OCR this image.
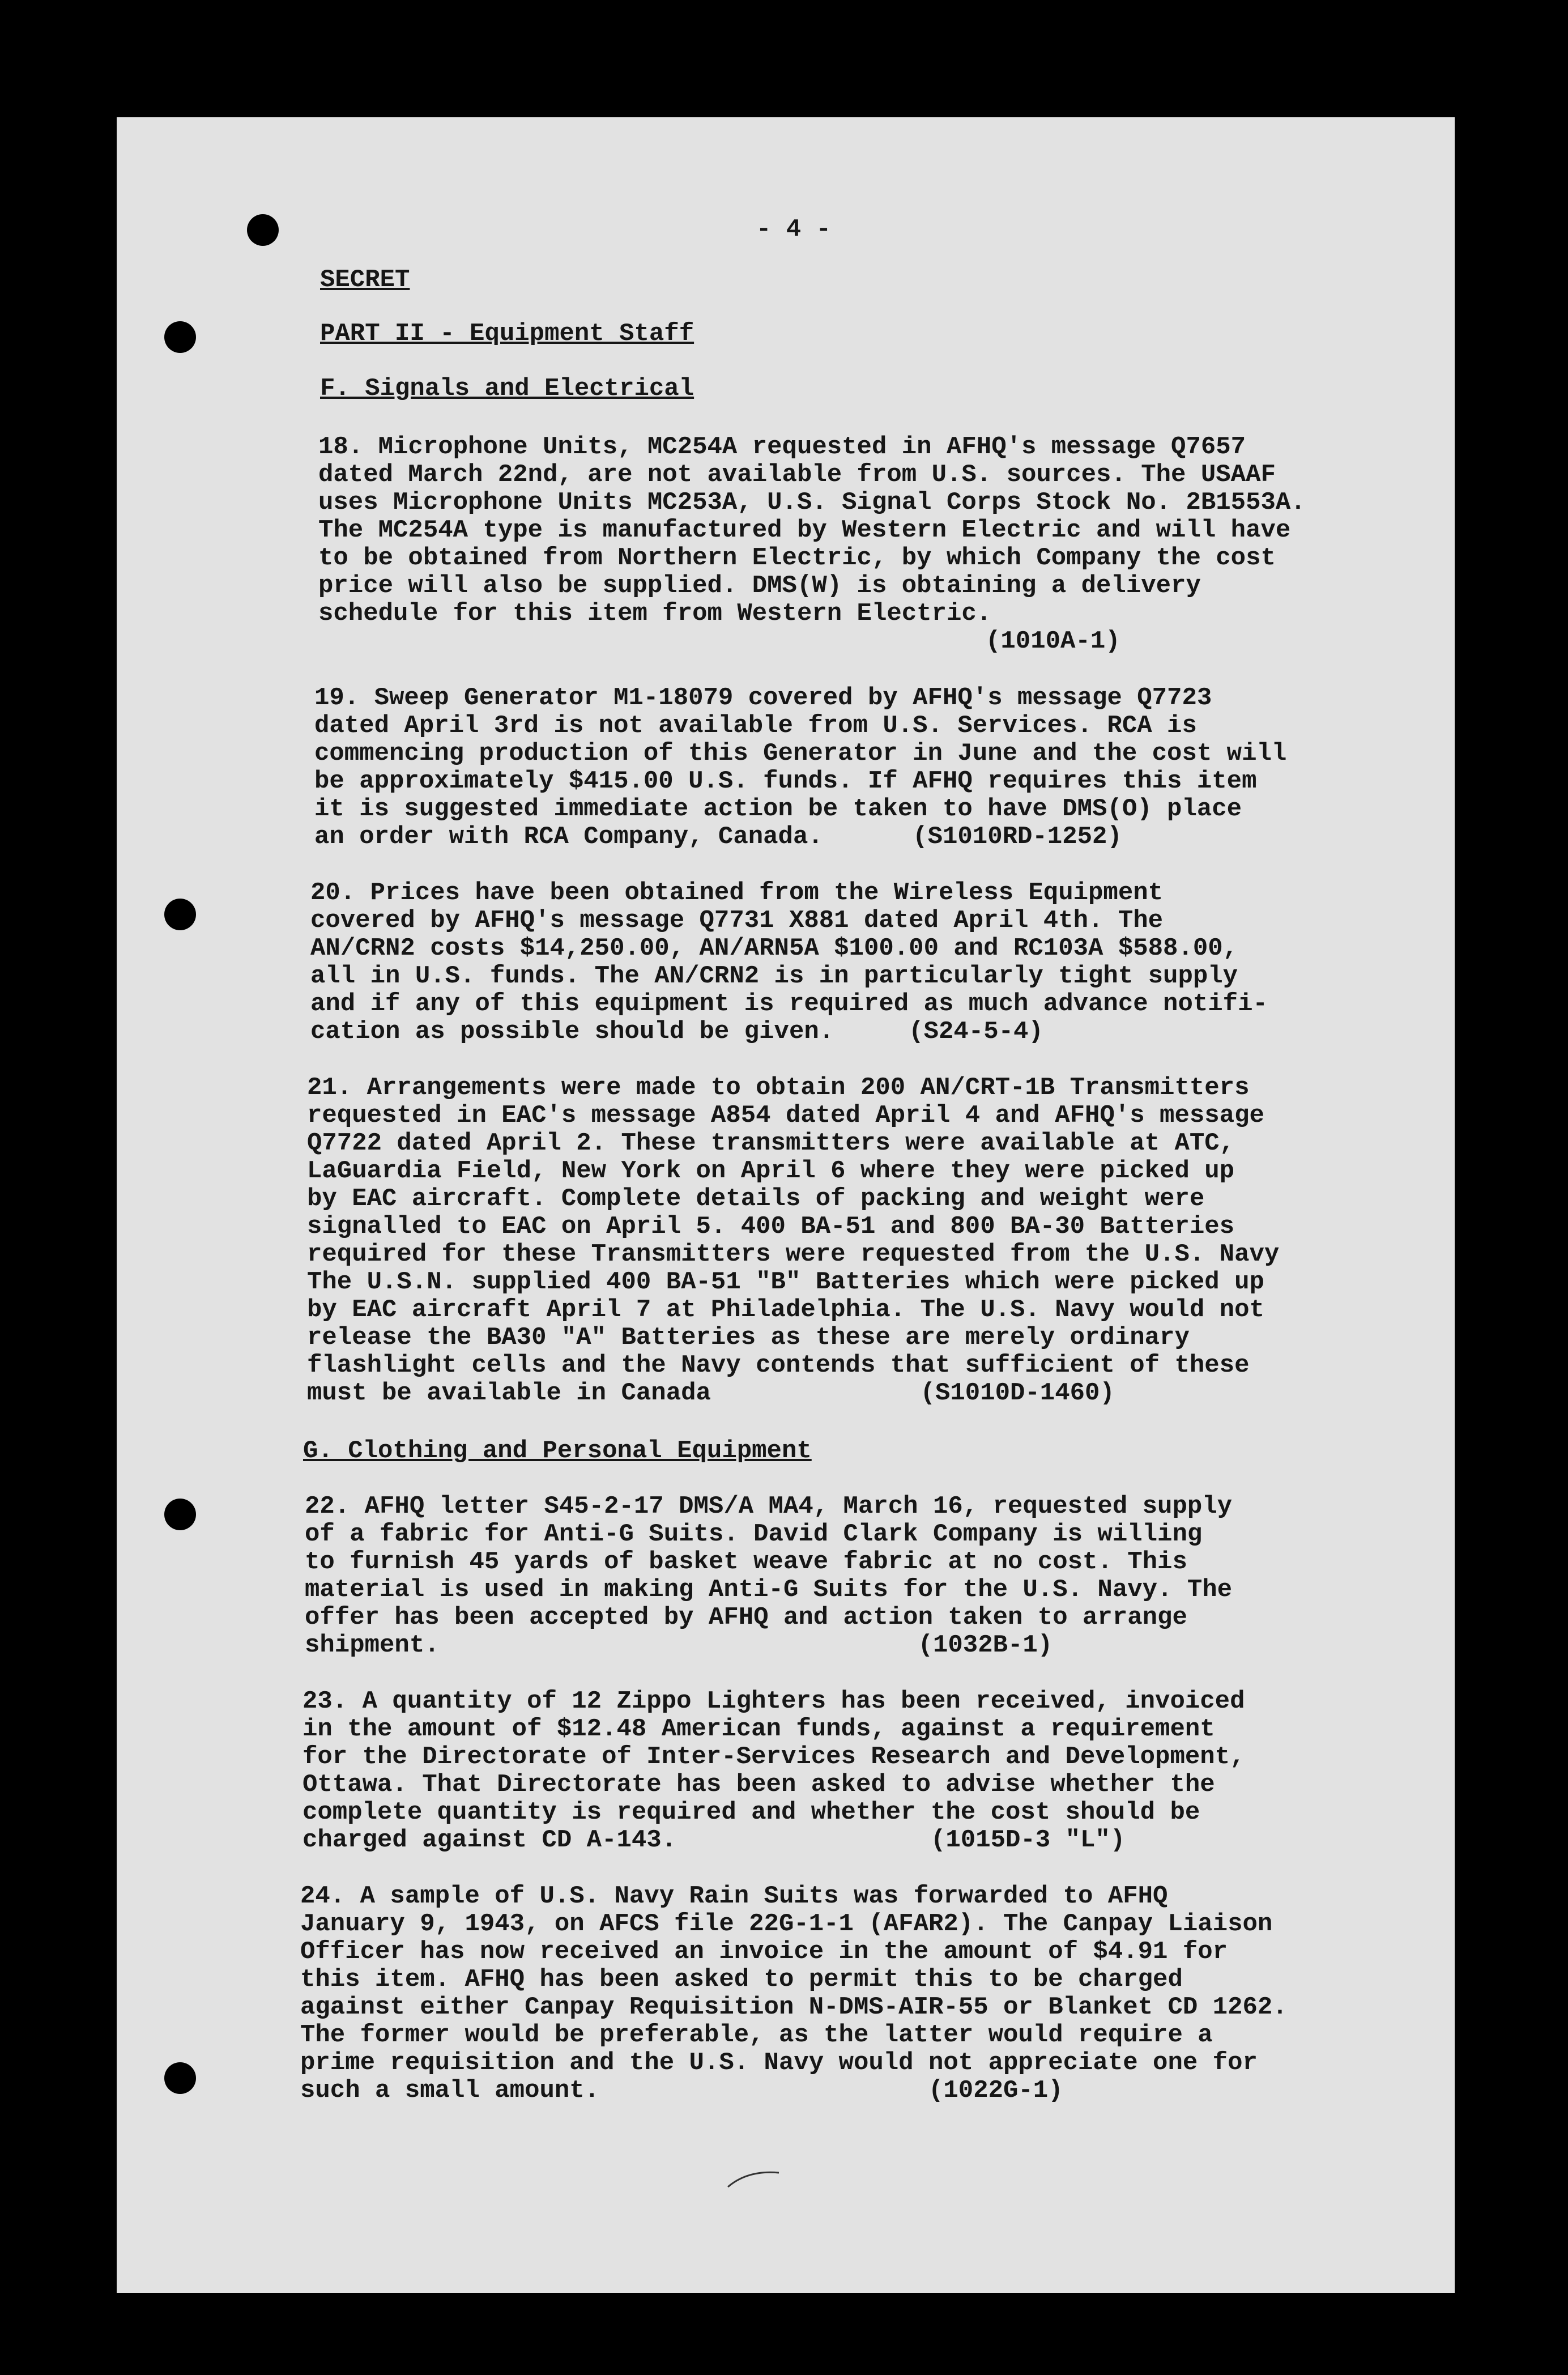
- 4 -

SECRET

PART II - Equipment Staff

F. Signals and Electrical

18. Microphone Units, MC254A requested in AFHQ's message Q7657

dated March 22nd, are not available from U.S. sources. The USAAF

uses Microphone Units MC253A, U.S. Signal Corps Stock No. 2B1553A.

The MC254A type is manufactured by Western Electric and will have

to be obtained from Northern Electric, by which Company the cost

price will also be supplied. DMS(W) is obtaining a delivery

schedule for this item from Western Electric.

(1010A-1)

19. Sweep Generator M1-18079 covered by AFHQ's message Q7723

dated April 3rd is not available from U.S. Services. RCA is

commencing production of this Generator in June and the cost will

be approximately $415.00 U.S. funds. If AFHQ requires this item

it is suggested immediate action be taken to have DMS(O) place

an order with RCA Company, Canada.      (S1010RD-1252)

20. Prices have been obtained from the Wireless Equipment

covered by AFHQ's message Q7731 X881 dated April 4th. The

AN/CRN2 costs $14,250.00, AN/ARN5A $100.00 and RC103A $588.00,

all in U.S. funds. The AN/CRN2 is in particularly tight supply

and if any of this equipment is required as much advance notifi-

cation as possible should be given.     (S24-5-4)

21. Arrangements were made to obtain 200 AN/CRT-1B Transmitters

requested in EAC's message A854 dated April 4 and AFHQ's message

Q7722 dated April 2. These transmitters were available at ATC,

LaGuardia Field, New York on April 6 where they were picked up

by EAC aircraft. Complete details of packing and weight were

signalled to EAC on April 5. 400 BA-51 and 800 BA-30 Batteries

required for these Transmitters were requested from the U.S. Navy

The U.S.N. supplied 400 BA-51 "B" Batteries which were picked up

by EAC aircraft April 7 at Philadelphia. The U.S. Navy would not

release the BA30 "A" Batteries as these are merely ordinary

flashlight cells and the Navy contends that sufficient of these

must be available in Canada              (S1010D-1460)

G. Clothing and Personal Equipment

22. AFHQ letter S45-2-17 DMS/A MA4, March 16, requested supply

of a fabric for Anti-G Suits. David Clark Company is willing

to furnish 45 yards of basket weave fabric at no cost. This

material is used in making Anti-G Suits for the U.S. Navy. The

offer has been accepted by AFHQ and action taken to arrange

shipment.                                (1032B-1)

23. A quantity of 12 Zippo Lighters has been received, invoiced

in the amount of $12.48 American funds, against a requirement

for the Directorate of Inter-Services Research and Development,

Ottawa. That Directorate has been asked to advise whether the

complete quantity is required and whether the cost should be

charged against CD A-143.                 (1015D-3 "L")

24. A sample of U.S. Navy Rain Suits was forwarded to AFHQ

January 9, 1943, on AFCS file 22G-1-1 (AFAR2). The Canpay Liaison

Officer has now received an invoice in the amount of $4.91 for

this item. AFHQ has been asked to permit this to be charged

against either Canpay Requisition N-DMS-AIR-55 or Blanket CD 1262.

The former would be preferable, as the latter would require a

prime requisition and the U.S. Navy would not appreciate one for

such a small amount.                      (1022G-1)
